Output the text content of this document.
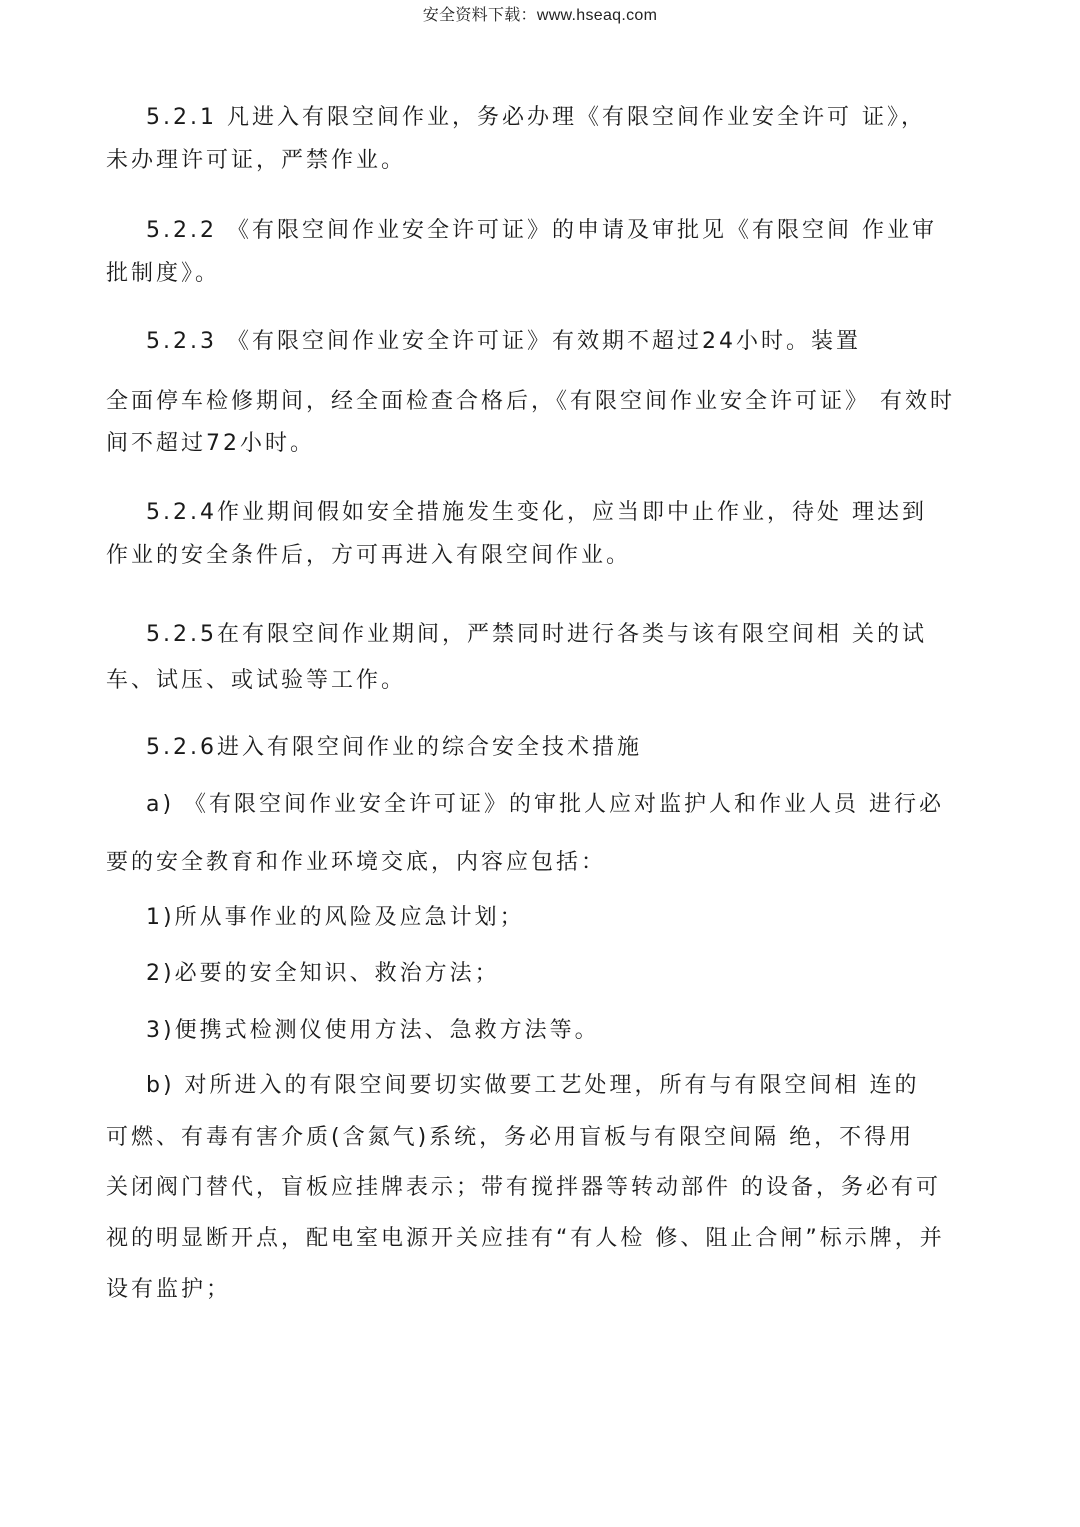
安全资料下载：www.hseaq.com
5.2.1 凡进入有限空间作业，务必办理《有限空间作业安全许可 证》，
未办理许可证，严禁作业。
5.2.2 《有限空间作业安全许可证》的申请及审批见《有限空间 作业审
批制度》。
5.2.3 《有限空间作业安全许可证》有效期不超过24小时。装置
全面停车检修期间，经全面检查合格后，《有限空间作业安全许可证》 有效时
间不超过72小时。
5.2.4作业期间假如安全措施发生变化，应当即中止作业，待处 理达到
作业的安全条件后，方可再进入有限空间作业。
5.2.5在有限空间作业期间，严禁同时进行各类与该有限空间相 关的试
车、试压、或试验等工作。
5.2.6进入有限空间作业的综合安全技术措施
a) 《有限空间作业安全许可证》的审批人应对监护人和作业人员 进行必
要的安全教育和作业环境交底，内容应包括：
1)所从事作业的风险及应急计划；
2)必要的安全知识、救治方法；
3)便携式检测仪使用方法、急救方法等。
b) 对所进入的有限空间要切实做要工艺处理，所有与有限空间相 连的
可燃、有毒有害介质(含氮气)系统，务必用盲板与有限空间隔 绝，不得用
关闭阀门替代，盲板应挂牌表示；带有搅拌器等转动部件 的设备，务必有可
视的明显断开点，配电室电源开关应挂有“有人检 修、阻止合闸”标示牌，并
设有监护；
